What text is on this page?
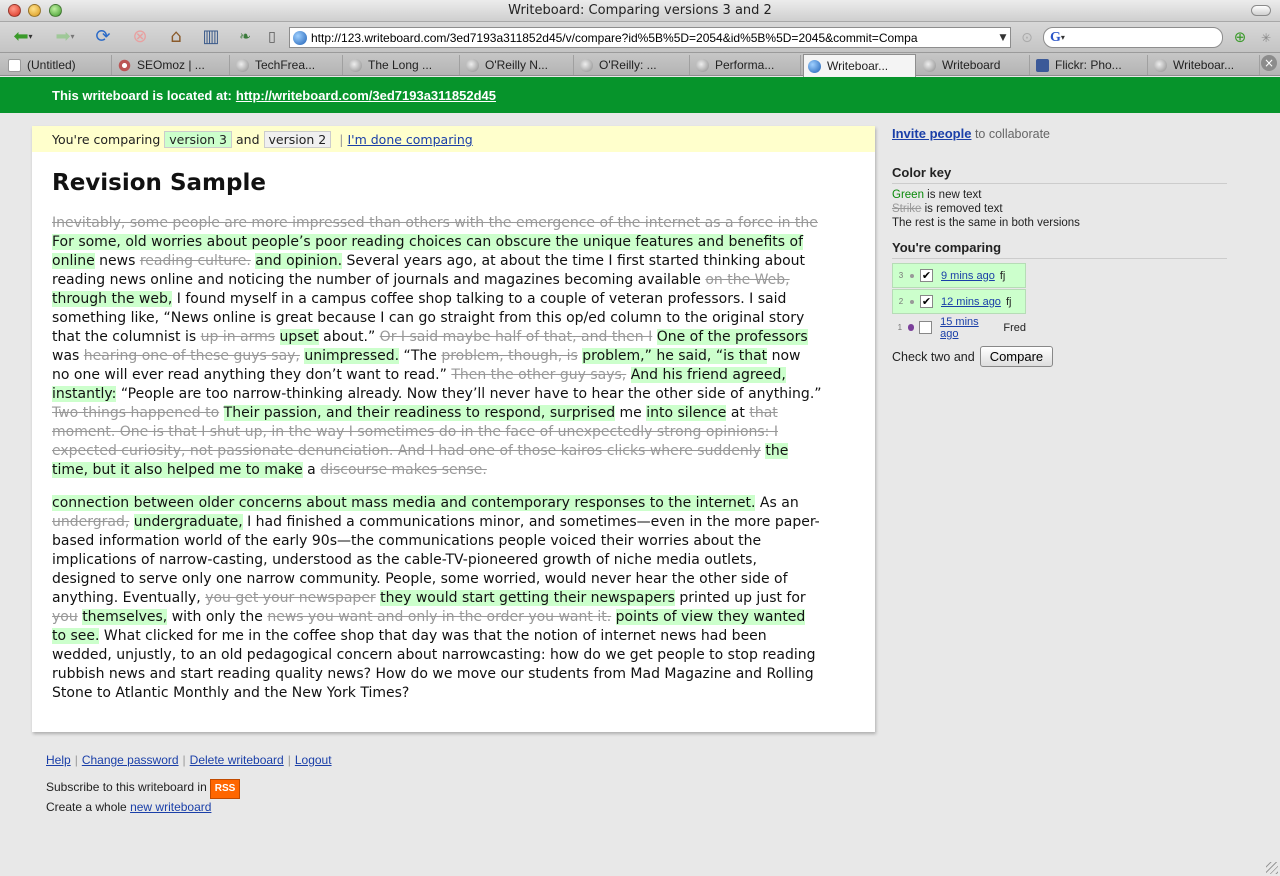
Writeboard: Comparing versions 3 and 2
⬅ ▾	➡ ▾ ⟳ ⊗ ⌂ ▥	❧	▯	http://123.writeboard.com/3ed7193a311852d45/v/compare?id%5B%5D=2054&id%5B%5D=2045&commit=Compa	▼ ⊙ G ▾	⊕	✳
(Untitled)	SEOmoz | ...	TechFrea...	The Long ...	O'Reilly N...	O'Reilly: ...	Performa...	Writeboar...	Writeboard	Flickr: Pho...	Writeboar... ×
This writeboard is located at: http://writeboard.com/3ed7193a311852d45
You're comparing version 3 and version 2 | I'm done comparing
Revision Sample
Inevitably, some people are more impressed than others with the emergence of the internet as a force in the
For some, old worries about people’s poor reading choices can obscure the unique features and benefits of online news reading culture. and opinion. Several years ago, at about the time I first started thinking about reading news online and noticing the number of journals and magazines becoming available on the Web, through the web, I found myself in a campus coffee shop talking to a couple of veteran professors. I said something like, “News online is great because I can go straight from this op/ed column to the original story that the columnist is up in arms upset about.” Or I said maybe half of that, and then I One of the professors was hearing one of these guys say, unimpressed. “The problem, though, is problem,” he said, “is that now no one will ever read anything they don’t want to read.” Then the other guy says, And his friend agreed, instantly: “People are too narrow-thinking already. Now they’ll never have to hear the other side of anything.” Two things happened to Their passion, and their readiness to respond, surprised me into silence at that moment. One is that I shut up, in the way I sometimes do in the face of unexpectedly strong opinions: I expected curiosity, not passionate denunciation. And I had one of those kairos clicks where suddenly the time, but it also helped me to make a discourse makes sense.
connection between older concerns about mass media and contemporary responses to the internet. As an undergrad, undergraduate, I had finished a communications minor, and sometimes—even in the more paper-based information world of the early 90s—the communications people voiced their worries about the implications of narrow-casting, understood as the cable-TV-pioneered growth of niche media outlets, designed to serve only one narrow community. People, some worried, would never hear the other side of anything. Eventually, you get your newspaper they would start getting their newspapers printed up just for you themselves, with only the news you want and only in the order you want it. points of view they wanted to see. What clicked for me in the coffee shop that day was that the notion of internet news had been wedded, unjustly, to an old pedagogical concern about narrowcasting: how do we get people to stop reading rubbish news and start reading quality news? How do we move our students from Mad Magazine and Rolling Stone to Atlantic Monthly and the New York Times?
Invite people to collaborate
Color key
Green is new text
Strike is removed text
The rest is the same in both versions
You're comparing
3	✔ 9 mins ago fj
2	✔ 12 mins ago fj
1	15 mins ago	Fred
Check two and	Compare
Help | Change password | Delete writeboard | Logout
Subscribe to this writeboard in RSS
Create a whole new writeboard
